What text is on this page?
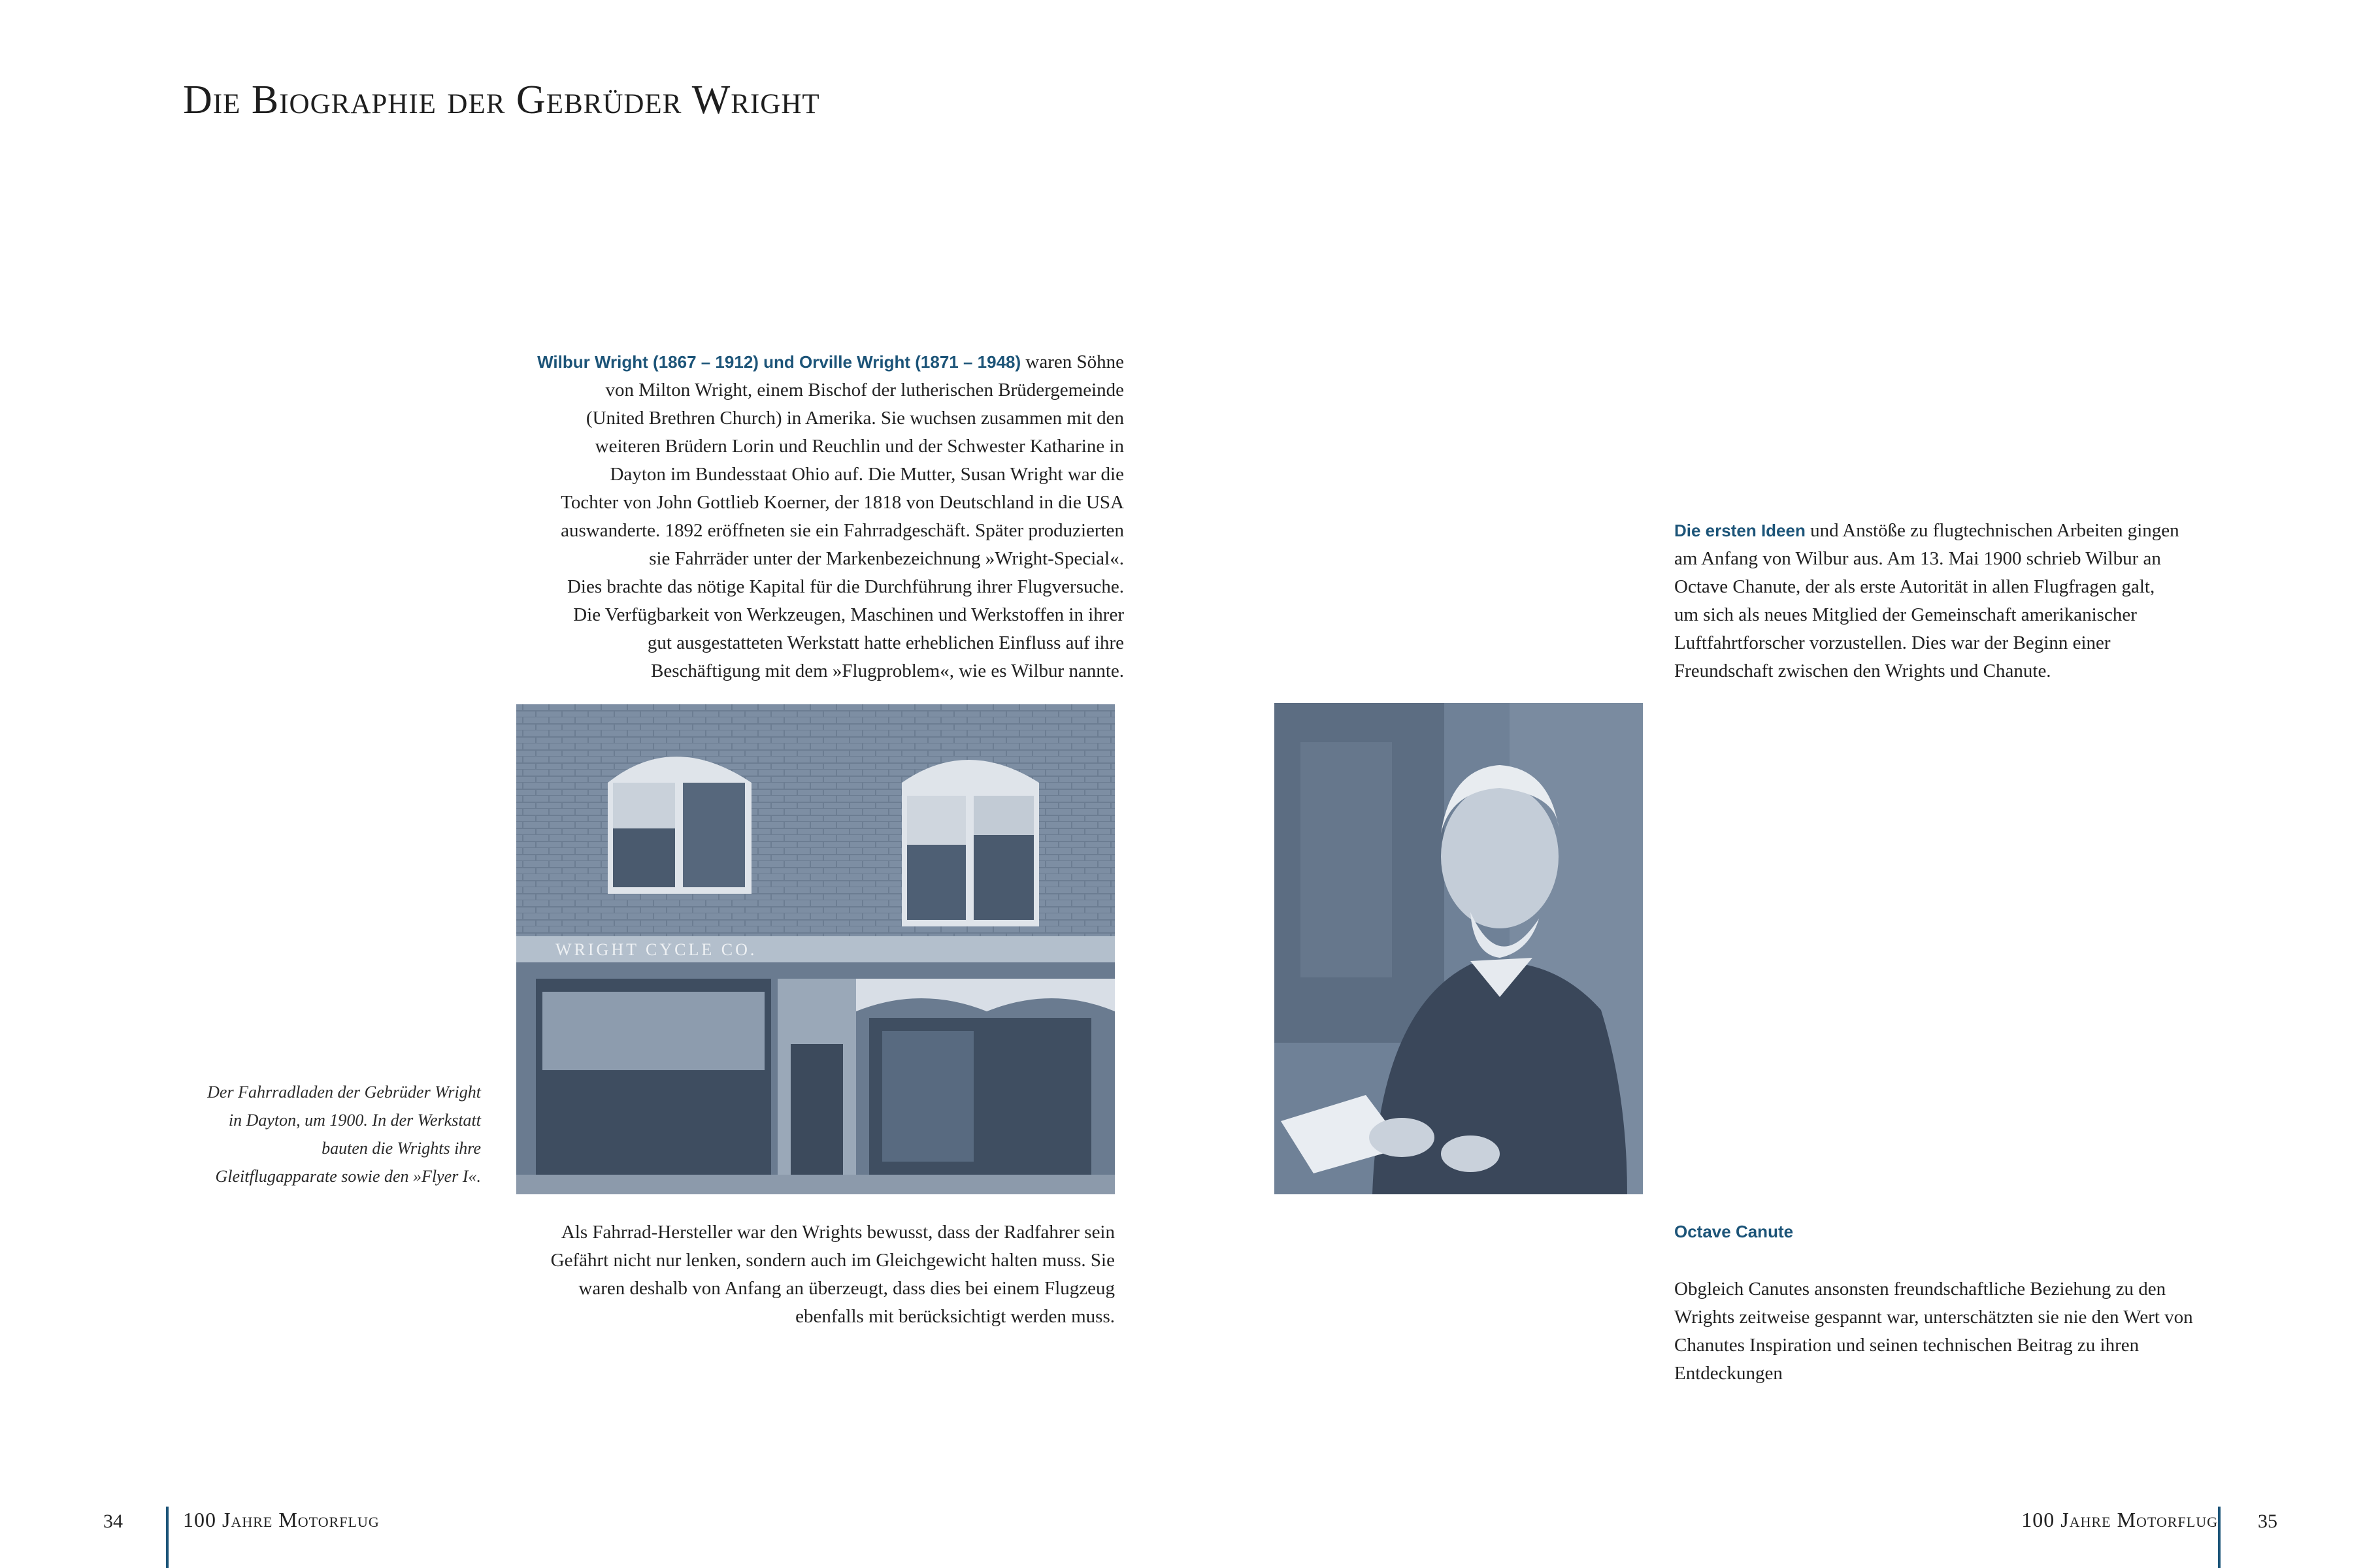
Die Biographie der Gebrüder Wright
Wilbur Wright (1867 – 1912) und Orville Wright (1871 – 1948) waren Söhne
von Milton Wright, einem Bischof der lutherischen Brüdergemeinde
(United Brethren Church) in Amerika. Sie wuchsen zusammen mit den
weiteren Brüdern Lorin und Reuchlin und der Schwester Katharine in
Dayton im Bundesstaat Ohio auf. Die Mutter, Susan Wright war die
Tochter von John Gottlieb Koerner, der 1818 von Deutschland in die USA
auswanderte. 1892 eröffneten sie ein Fahrradgeschäft. Später produzierten
sie Fahrräder unter der Markenbezeichnung »Wright-Special«.
Dies brachte das nötige Kapital für die Durchführung ihrer Flugversuche.
Die Verfügbarkeit von Werkzeugen, Maschinen und Werkstoffen in ihrer
gut ausgestatteten Werkstatt hatte erheblichen Einfluss auf ihre
Beschäftigung mit dem »Flugproblem«, wie es Wilbur nannte.
WRIGHT CYCLE CO.
Der Fahrradladen der Gebrüder Wright
in Dayton, um 1900. In der Werkstatt
bauten die Wrights ihre
Gleitflugapparate sowie den »Flyer I«.
Als Fahrrad-Hersteller war den Wrights bewusst, dass der Radfahrer sein
Gefährt nicht nur lenken, sondern auch im Gleichgewicht halten muss. Sie
waren deshalb von Anfang an überzeugt, dass dies bei einem Flugzeug
ebenfalls mit berücksichtigt werden muss.
Die ersten Ideen und Anstöße zu flugtechnischen Arbeiten gingen
am Anfang von Wilbur aus. Am 13. Mai 1900 schrieb Wilbur an
Octave Chanute, der als erste Autorität in allen Flugfragen galt,
um sich als neues Mitglied der Gemeinschaft amerikanischer
Luftfahrtforscher vorzustellen. Dies war der Beginn einer
Freundschaft zwischen den Wrights und Chanute.
Octave Canute
Obgleich Canutes ansonsten freundschaftliche Beziehung zu den
Wrights zeitweise gespannt war, unterschätzten sie nie den Wert von
Chanutes Inspiration und seinen technischen Beitrag zu ihren
Entdeckungen
34	100 Jahre Motorflug	100 Jahre Motorflug 35
